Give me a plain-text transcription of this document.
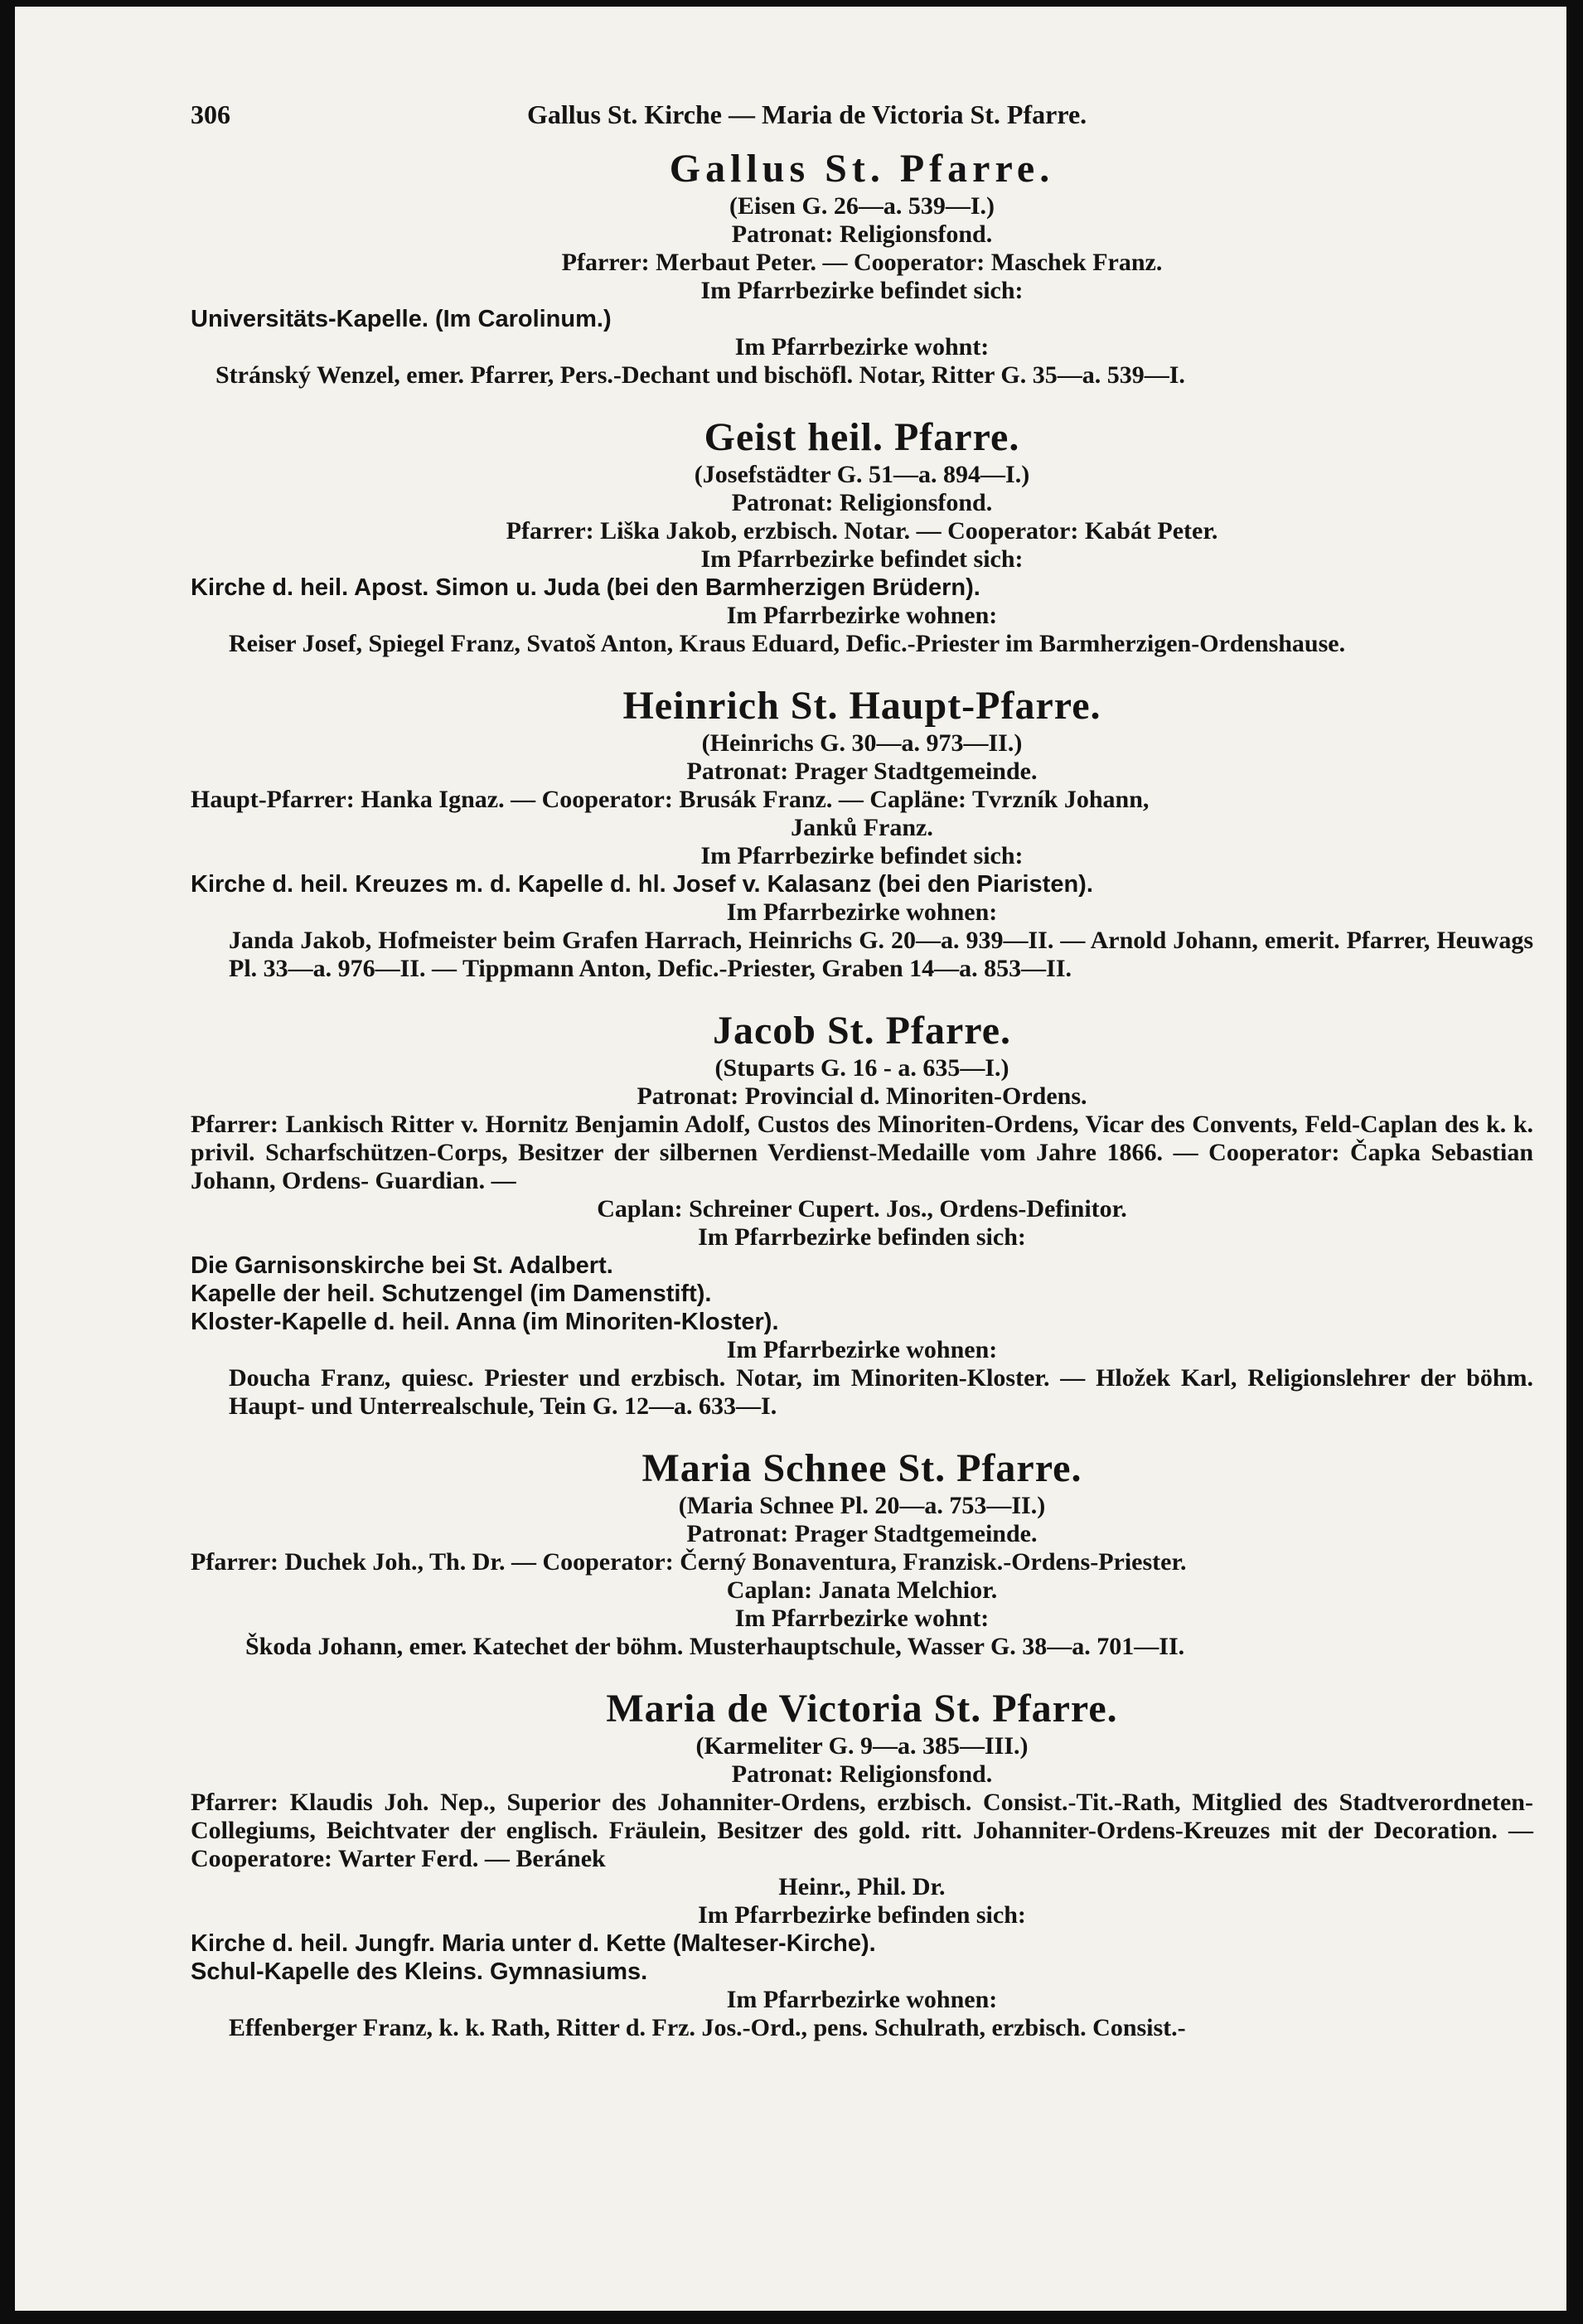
306	Gallus St. Kirche — Maria de Victoria St. Pfarre.
Gallus St. Pfarre.
(Eisen G. 26—a. 539—I.)
Patronat: Religionsfond.
Pfarrer: Merbaut Peter. — Cooperator: Maschek Franz.
Im Pfarrbezirke befindet sich:
Universitäts-Kapelle. (Im Carolinum.)
Im Pfarrbezirke wohnt:
Stránský Wenzel, emer. Pfarrer, Pers.-Dechant und bischöfl. Notar, Ritter G. 35—a. 539—I.
Geist heil. Pfarre.
(Josefstädter G. 51—a. 894—I.)
Patronat: Religionsfond.
Pfarrer: Liška Jakob, erzbisch. Notar. — Cooperator: Kabát Peter.
Im Pfarrbezirke befindet sich:
Kirche d. heil. Apost. Simon u. Juda (bei den Barmherzigen Brüdern).
Im Pfarrbezirke wohnen:
Reiser Josef, Spiegel Franz, Svatoš Anton, Kraus Eduard, Defic.-Priester im Barmherzigen-Ordenshause.
Heinrich St. Haupt-Pfarre.
(Heinrichs G. 30—a. 973—II.)
Patronat: Prager Stadtgemeinde.
Haupt-Pfarrer: Hanka Ignaz. — Cooperator: Brusák Franz. — Capläne: Tvrzník Johann,
Janků Franz.
Im Pfarrbezirke befindet sich:
Kirche d. heil. Kreuzes m. d. Kapelle d. hl. Josef v. Kalasanz (bei den Piaristen).
Im Pfarrbezirke wohnen:
Janda Jakob, Hofmeister beim Grafen Harrach, Heinrichs G. 20—a. 939—II. — Arnold Johann, emerit. Pfarrer, Heuwags Pl. 33—a. 976—II. — Tippmann Anton, Defic.-Priester, Graben 14—a. 853—II.
Jacob St. Pfarre.
(Stuparts G. 16 - a. 635—I.)
Patronat: Provincial d. Minoriten-Ordens.
Pfarrer: Lankisch Ritter v. Hornitz Benjamin Adolf, Custos des Minoriten-Ordens, Vicar des Convents, Feld-Caplan des k. k. privil. Scharfschützen-Corps, Besitzer der silbernen Verdienst-Medaille vom Jahre 1866. — Cooperator: Čapka Sebastian Johann, Ordens- Guardian. —
Caplan: Schreiner Cupert. Jos., Ordens-Definitor.
Im Pfarrbezirke befinden sich:
Die Garnisonskirche bei St. Adalbert.
Kapelle der heil. Schutzengel (im Damenstift).
Kloster-Kapelle d. heil. Anna (im Minoriten-Kloster).
Im Pfarrbezirke wohnen:
Doucha Franz, quiesc. Priester und erzbisch. Notar, im Minoriten-Kloster. — Hložek Karl, Religionslehrer der böhm. Haupt- und Unterrealschule, Tein G. 12—a. 633—I.
Maria Schnee St. Pfarre.
(Maria Schnee Pl. 20—a. 753—II.)
Patronat: Prager Stadtgemeinde.
Pfarrer: Duchek Joh., Th. Dr. — Cooperator: Černý Bonaventura, Franzisk.-Ordens-Priester.
Caplan: Janata Melchior.
Im Pfarrbezirke wohnt:
Škoda Johann, emer. Katechet der böhm. Musterhauptschule, Wasser G. 38—a. 701—II.
Maria de Victoria St. Pfarre.
(Karmeliter G. 9—a. 385—III.)
Patronat: Religionsfond.
Pfarrer: Klaudis Joh. Nep., Superior des Johanniter-Ordens, erzbisch. Consist.-Tit.-Rath, Mitglied des Stadtverordneten-Collegiums, Beichtvater der englisch. Fräulein, Besitzer des gold. ritt. Johanniter-Ordens-Kreuzes mit der Decoration. — Cooperatore: Warter Ferd. — Beránek
Heinr., Phil. Dr.
Im Pfarrbezirke befinden sich:
Kirche d. heil. Jungfr. Maria unter d. Kette (Malteser-Kirche).
Schul-Kapelle des Kleins. Gymnasiums.
Im Pfarrbezirke wohnen:
Effenberger Franz, k. k. Rath, Ritter d. Frz. Jos.-Ord., pens. Schulrath, erzbisch. Consist.-
